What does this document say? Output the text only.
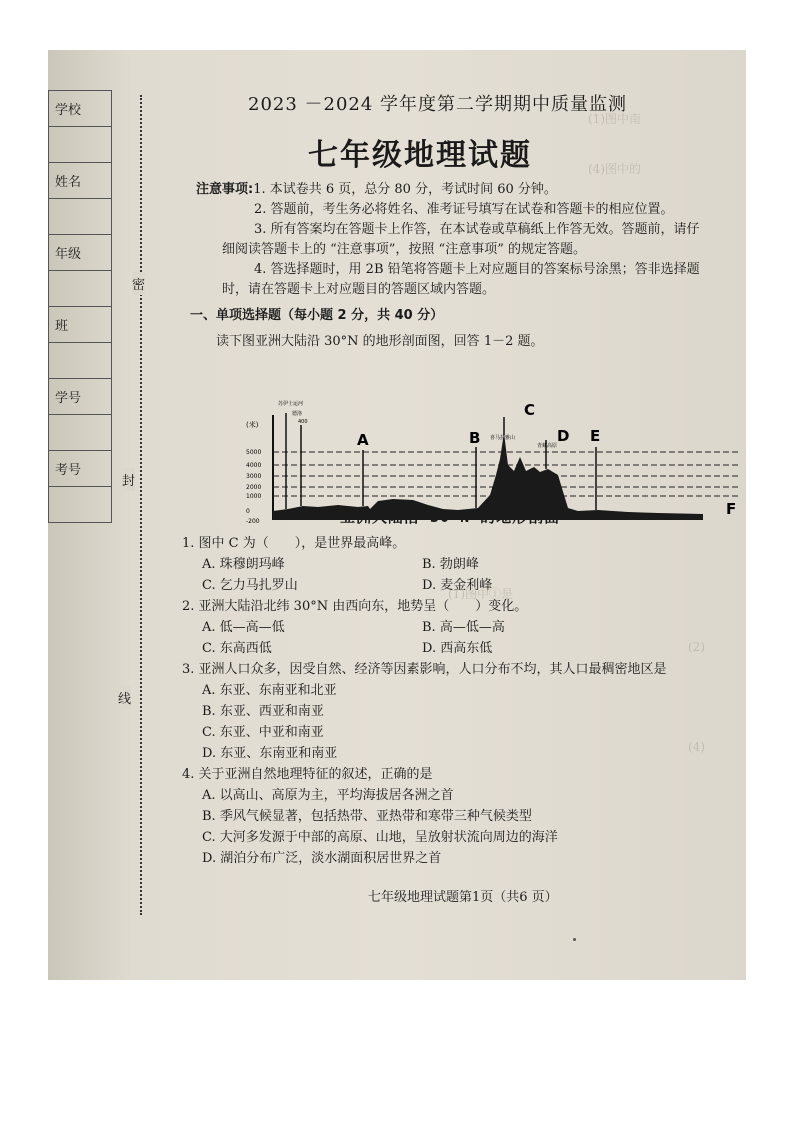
(1)图中南
(4)图中的
(1)图中①是
(2)
(4)
学校

姓名

年级

班

学号

考号

密
封
线
2023 －2024 学年度第二学期期中质量监测
七年级地理试题
注意事项:1. 本试卷共 6 页，总分 80 分，考试时间 60 分钟。
2. 答题前，考生务必将姓名、准考证号填写在试卷和答题卡的相应位置。
3. 所有答案均在答题卡上作答，在本试卷或草稿纸上作答无效。答题前，请仔
细阅读答题卡上的 “注意事项”，按照 “注意事项” 的规定答题。
4. 答选择题时，用 2B 铅笔将答题卡上对应题目的答案标号涂黑；答非选择题
时，请在答题卡上对应题目的答题区域内答题。
一、单项选择题（每小题 2 分，共 40 分）
读下图亚洲大陆沿 30°N 的地形剖面图，回答 1－2 题。
(米)
5000
4000
3000
2000
1000
0
-200
A	B
C
D E
F
苏伊士运河
德洛
400
喜马拉雅山
青藏高原
亚洲大陆沿 30°N 的地形剖面
1. 图中 C 为（　　），是世界最高峰。
A. 珠穆朗玛峰	B. 勃朗峰
C. 乞力马扎罗山	D. 麦金利峰
2. 亚洲大陆沿北纬 30°N 由西向东，地势呈（　　）变化。
A. 低—高—低	B. 高—低—高
C. 东高西低	D. 西高东低
3. 亚洲人口众多，因受自然、经济等因素影响，人口分布不均，其人口最稠密地区是
A. 东亚、东南亚和北亚
B. 东亚、西亚和南亚
C. 东亚、中亚和南亚
D. 东亚、东南亚和南亚
4. 关于亚洲自然地理特征的叙述，正确的是
A. 以高山、高原为主，平均海拔居各洲之首
B. 季风气候显著，包括热带、亚热带和寒带三种气候类型
C. 大河多发源于中部的高原、山地，呈放射状流向周边的海洋
D. 湖泊分布广泛，淡水湖面积居世界之首
七年级地理试题第1页（共6 页）
